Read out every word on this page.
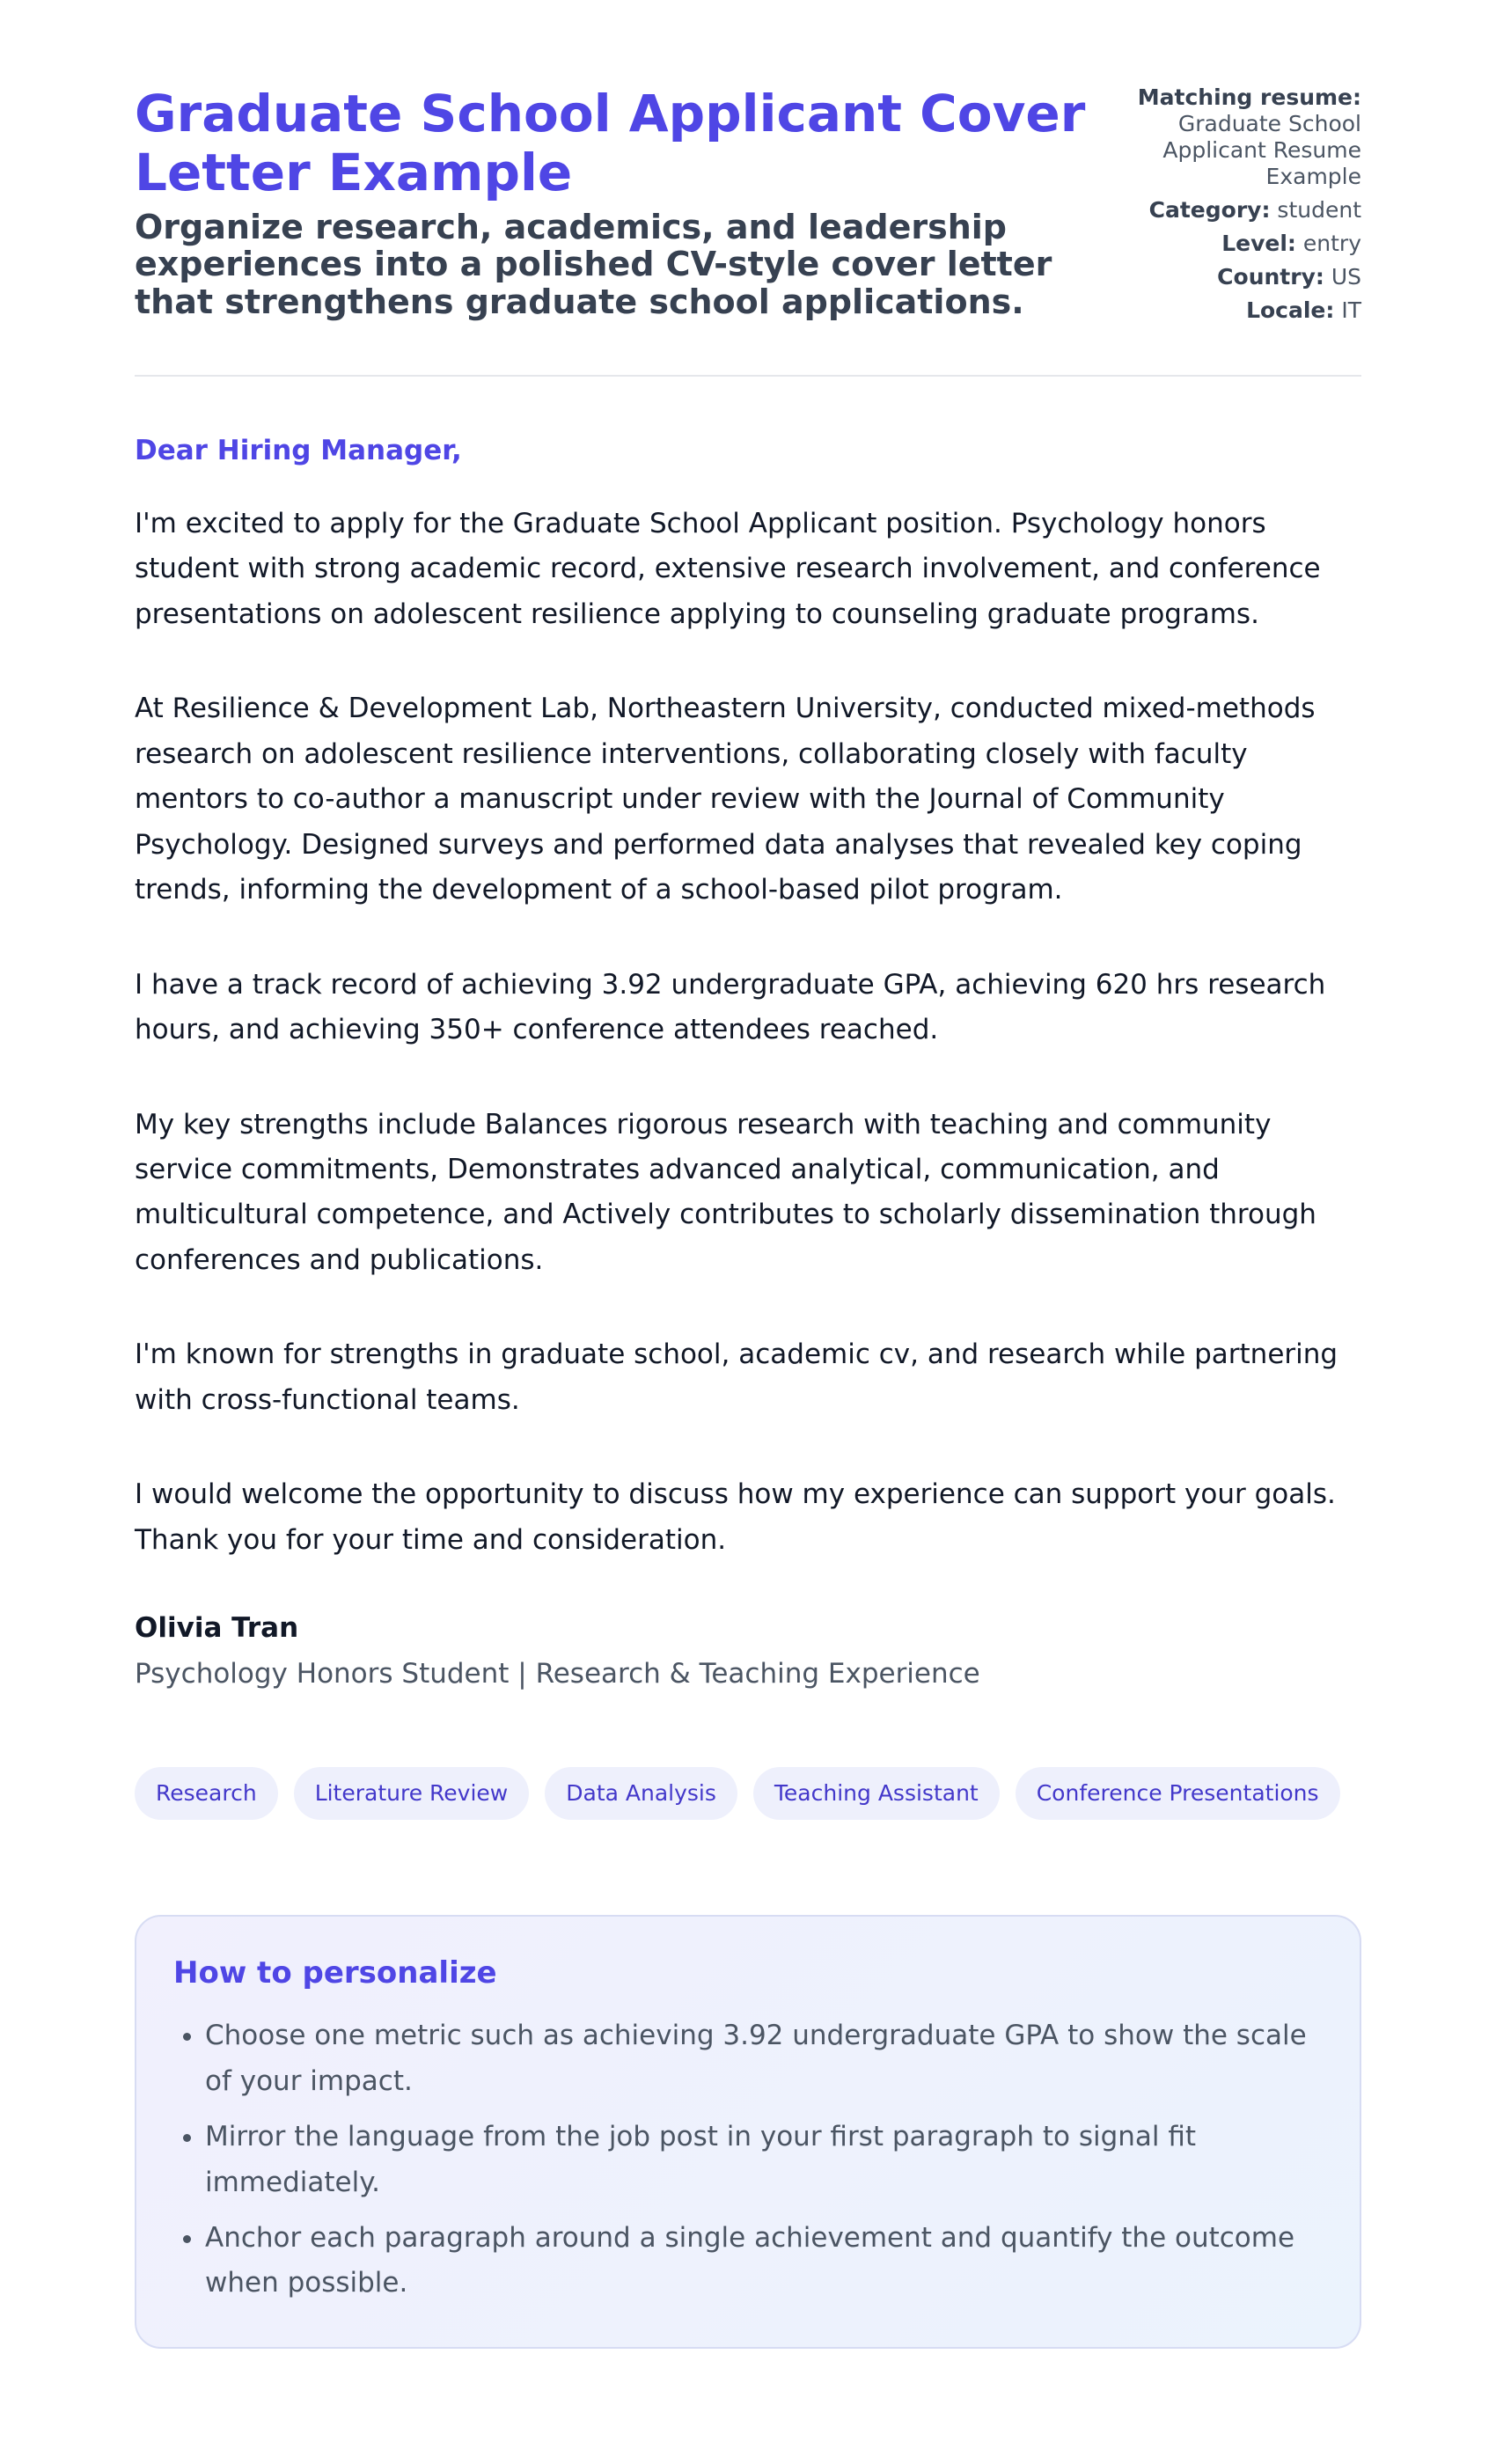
Graduate School Applicant Cover Letter Example
Organize research, academics, and leadership experiences into a polished CV-style cover letter that strengthens graduate school applications.
Matching resume:
Graduate School Applicant Resume Example
Category: student
Level: entry
Country: US
Locale: IT
Dear Hiring Manager,

I'm excited to apply for the Graduate School Applicant position. Psychology honors student with strong academic record, extensive research involvement, and conference presentations on adolescent resilience applying to counseling graduate programs.

At Resilience & Development Lab, Northeastern University, conducted mixed-methods research on adolescent resilience interventions, collaborating closely with faculty mentors to co-author a manuscript under review with the Journal of Community Psychology. Designed surveys and performed data analyses that revealed key coping trends, informing the development of a school-based pilot program.

I have a track record of achieving 3.92 undergraduate GPA, achieving 620 hrs research hours, and achieving 350+ conference attendees reached.

My key strengths include Balances rigorous research with teaching and community service commitments, Demonstrates advanced analytical, communication, and multicultural competence, and Actively contributes to scholarly dissemination through conferences and publications.

I'm known for strengths in graduate school, academic cv, and research while partnering with cross-functional teams.

I would welcome the opportunity to discuss how my experience can support your goals. Thank you for your time and consideration.

Olivia Tran
Psychology Honors Student | Research & Teaching Experience
Research	Literature Review	Data Analysis	Teaching Assistant	Conference Presentations
How to personalize
• Choose one metric such as achieving 3.92 undergraduate GPA to show the scale of your impact.
• Mirror the language from the job post in your first paragraph to signal fit immediately.
• Anchor each paragraph around a single achievement and quantify the outcome when possible.
